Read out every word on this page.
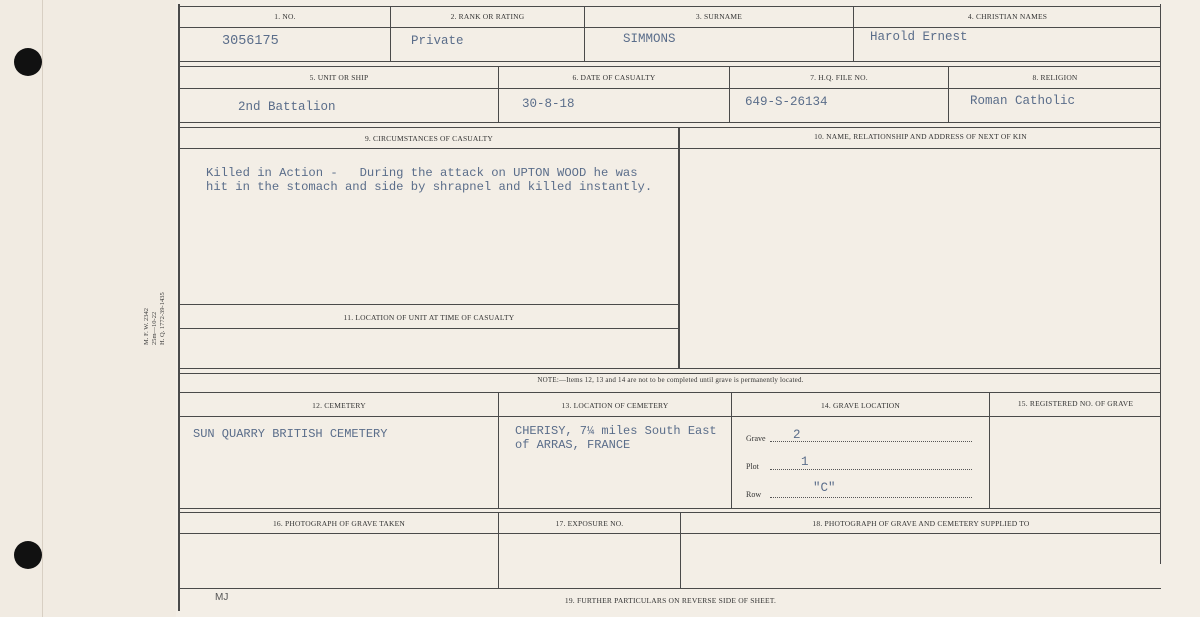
M. F. W. 2342 25m—10-22 H. Q. 1772-39-1435
1. NO.	2. RANK OR RATING	3. SURNAME	4. CHRISTIAN NAMES
3056175	Private	SIMMONS	Harold Ernest
5. UNIT OR SHIP	6. DATE OF CASUALTY	7. H.Q. FILE NO.	8. RELIGION
2nd Battalion	30-8-18	649-S-26134	Roman Catholic
9. CIRCUMSTANCES OF CASUALTY	10. NAME, RELATIONSHIP AND ADDRESS OF NEXT OF KIN
11. LOCATION OF UNIT AT TIME OF CASUALTY
Killed in Action -   During the attack on UPTON WOOD he was
hit in the stomach and side by shrapnel and killed instantly.
NOTE:—Items 12, 13 and 14 are not to be completed until grave is permanently located.
12. CEMETERY	13. LOCATION OF CEMETERY	14. GRAVE LOCATION	15. REGISTERED NO. OF GRAVE
SUN QUARRY BRITISH CEMETERY	CHERISY, 7¼ miles South East
of ARRAS, FRANCE	Grave 2
Plot	1
Row	"C"
16. PHOTOGRAPH OF GRAVE TAKEN	17. EXPOSURE NO.	18. PHOTOGRAPH OF GRAVE AND CEMETERY SUPPLIED TO
MJ	19. FURTHER PARTICULARS ON REVERSE SIDE OF SHEET.
